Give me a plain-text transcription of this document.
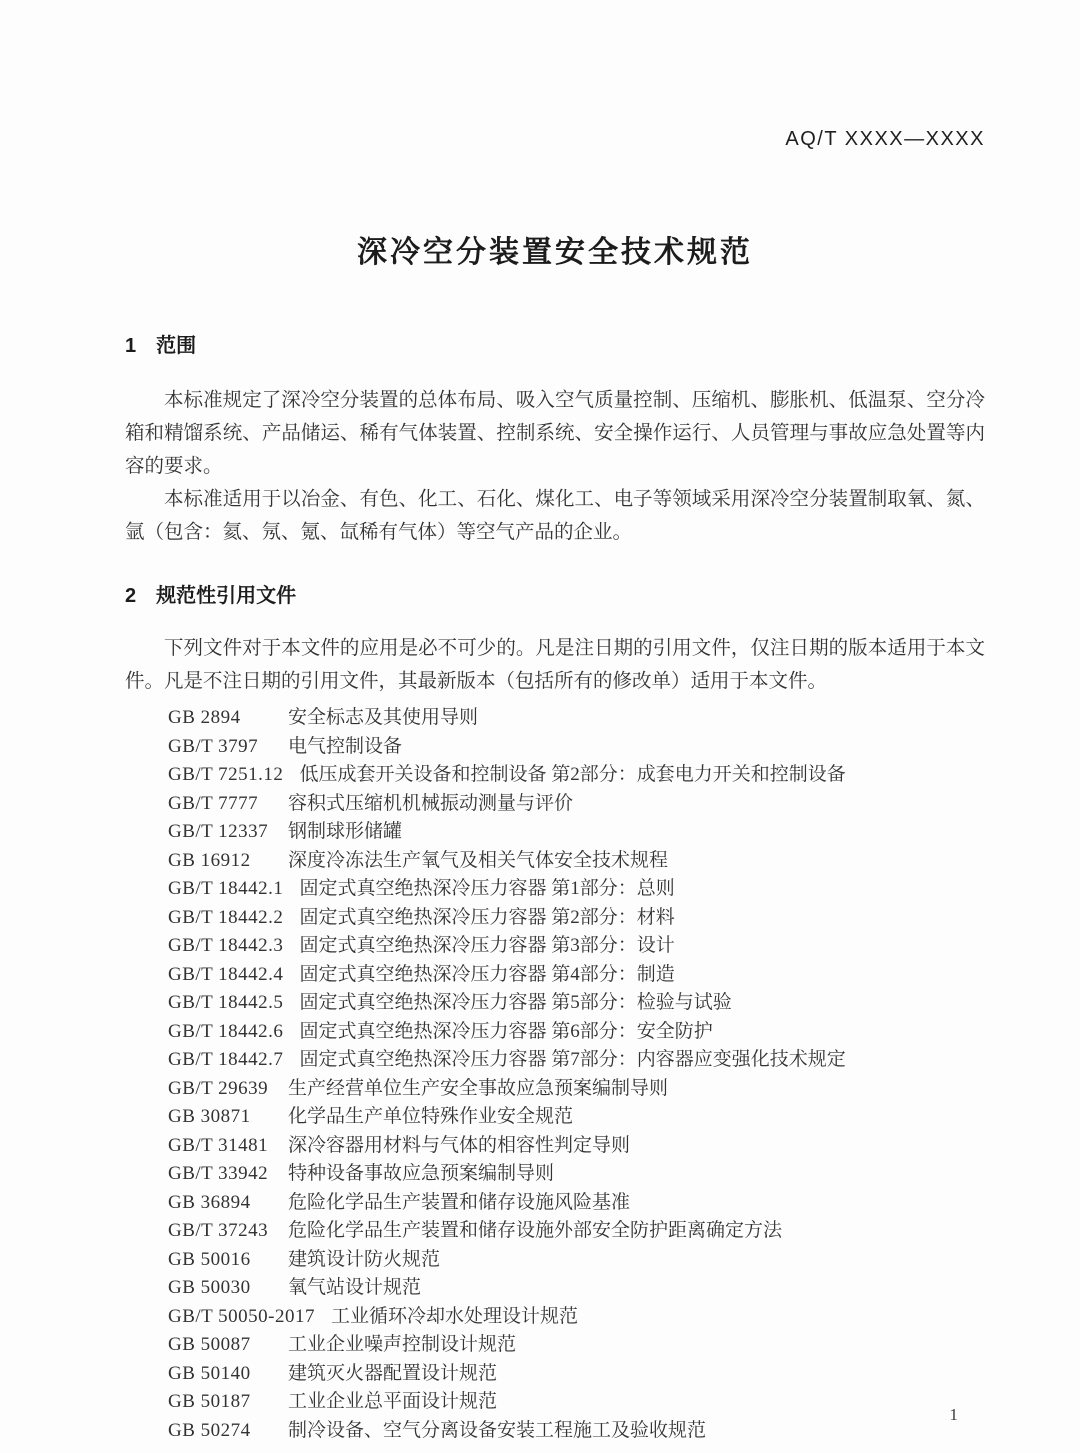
AQ/T XXXX—XXXX
深冷空分装置安全技术规范
1 范围

本标准规定了深冷空分装置的总体布局、吸入空气质量控制、压缩机、膨胀机、低温泵、空分冷箱和精馏系统、产品储运、稀有气体装置、控制系统、安全操作运行、人员管理与事故应急处置等内容的要求。

本标准适用于以冶金、有色、化工、石化、煤化工、电子等领域采用深冷空分装置制取氧、氮、氩（包含：氦、氖、氪、氙稀有气体）等空气产品的企业。

2 规范性引用文件

下列文件对于本文件的应用是必不可少的。凡是注日期的引用文件，仅注日期的版本适用于本文件。凡是不注日期的引用文件，其最新版本（包括所有的修改单）适用于本文件。

GB 2894	安全标志及其使用导则
GB/T 3797	电气控制设备
GB/T 7251.12 低压成套开关设备和控制设备 第2部分：成套电力开关和控制设备
GB/T 7777	容积式压缩机机械振动测量与评价
GB/T 12337 钢制球形储罐
GB 16912	深度冷冻法生产氧气及相关气体安全技术规程
GB/T 18442.1 固定式真空绝热深冷压力容器 第1部分：总则
GB/T 18442.2 固定式真空绝热深冷压力容器 第2部分：材料
GB/T 18442.3 固定式真空绝热深冷压力容器 第3部分：设计
GB/T 18442.4 固定式真空绝热深冷压力容器 第4部分：制造
GB/T 18442.5 固定式真空绝热深冷压力容器 第5部分：检验与试验
GB/T 18442.6 固定式真空绝热深冷压力容器 第6部分：安全防护
GB/T 18442.7 固定式真空绝热深冷压力容器 第7部分：内容器应变强化技术规定
GB/T 29639 生产经营单位生产安全事故应急预案编制导则
GB 30871	化学品生产单位特殊作业安全规范
GB/T 31481 深冷容器用材料与气体的相容性判定导则
GB/T 33942 特种设备事故应急预案编制导则
GB 36894	危险化学品生产装置和储存设施风险基准
GB/T 37243 危险化学品生产装置和储存设施外部安全防护距离确定方法
GB 50016	建筑设计防火规范
GB 50030	氧气站设计规范
GB/T 50050-2017 工业循环冷却水处理设计规范
GB 50087	工业企业噪声控制设计规范
GB 50140	建筑灭火器配置设计规范
GB 50187	工业企业总平面设计规范
GB 50274	制冷设备、空气分离设备安装工程施工及验收规范
1
